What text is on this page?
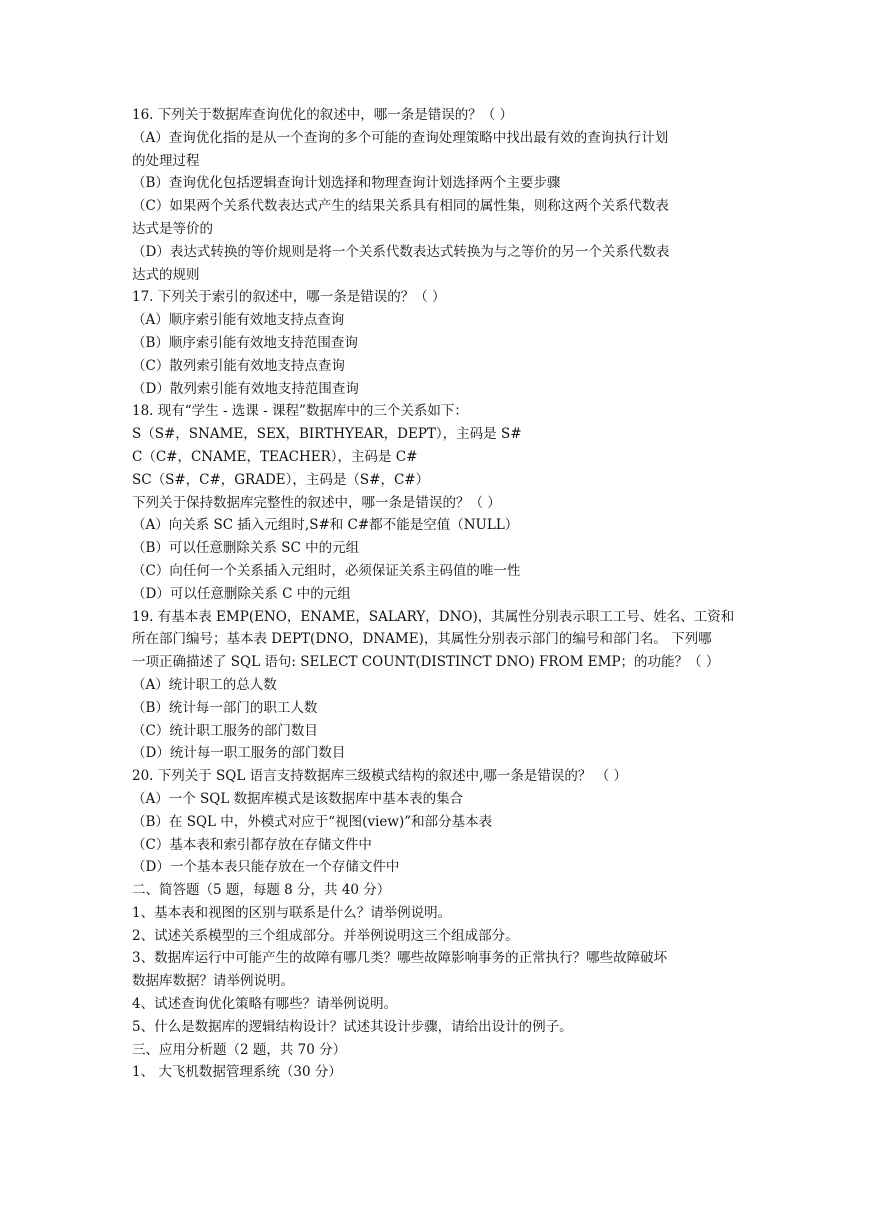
16. 下列关于数据库查询优化的叙述中，哪一条是错误的？（ ）
（A）查询优化指的是从一个查询的多个可能的查询处理策略中找出最有效的查询执行计划
的处理过程
（B）查询优化包括逻辑查询计划选择和物理查询计划选择两个主要步骤
（C）如果两个关系代数表达式产生的结果关系具有相同的属性集，则称这两个关系代数表
达式是等价的
（D）表达式转换的等价规则是将一个关系代数表达式转换为与之等价的另一个关系代数表
达式的规则
17. 下列关于索引的叙述中，哪一条是错误的？（ ）
（A）顺序索引能有效地支持点查询
（B）顺序索引能有效地支持范围查询
（C）散列索引能有效地支持点查询
（D）散列索引能有效地支持范围查询
18. 现有“学生 - 选课 - 课程”数据库中的三个关系如下：
S（S#，SNAME，SEX，BIRTHYEAR，DEPT），主码是 S#
C（C#，CNAME，TEACHER），主码是 C#
SC（S#，C#，GRADE），主码是（S#，C#）
下列关于保持数据库完整性的叙述中，哪一条是错误的？（ ）
（A）向关系 SC 插入元组时,S#和 C#都不能是空值（NULL）
（B）可以任意删除关系 SC 中的元组
（C）向任何一个关系插入元组时，必须保证关系主码值的唯一性
（D）可以任意删除关系 C 中的元组
19. 有基本表 EMP(ENO，ENAME，SALARY，DNO)，其属性分别表示职工工号、姓名、工资和
所在部门编号；基本表 DEPT(DNO，DNAME)，其属性分别表示部门的编号和部门名。 下列哪
一项正确描述了 SQL 语句: SELECT COUNT(DISTINCT DNO) FROM EMP；的功能？（ ）
（A）统计职工的总人数
（B）统计每一部门的职工人数
（C）统计职工服务的部门数目
（D）统计每一职工服务的部门数目
20. 下列关于 SQL 语言支持数据库三级模式结构的叙述中,哪一条是错误的？ （ ）
（A）一个 SQL 数据库模式是该数据库中基本表的集合
（B）在 SQL 中，外模式对应于“视图(view)”和部分基本表
（C）基本表和索引都存放在存储文件中
（D）一个基本表只能存放在一个存储文件中
二、简答题（5 题，每题 8 分，共 40 分）
1、基本表和视图的区别与联系是什么？请举例说明。
2、试述关系模型的三个组成部分。并举例说明这三个组成部分。
3、数据库运行中可能产生的故障有哪几类？哪些故障影响事务的正常执行？哪些故障破坏
数据库数据？请举例说明。
4、试述查询优化策略有哪些？请举例说明。
5、什么是数据库的逻辑结构设计？试述其设计步骤，请给出设计的例子。
三、应用分析题（2 题，共 70 分）
1、 大飞机数据管理系统（30 分）
